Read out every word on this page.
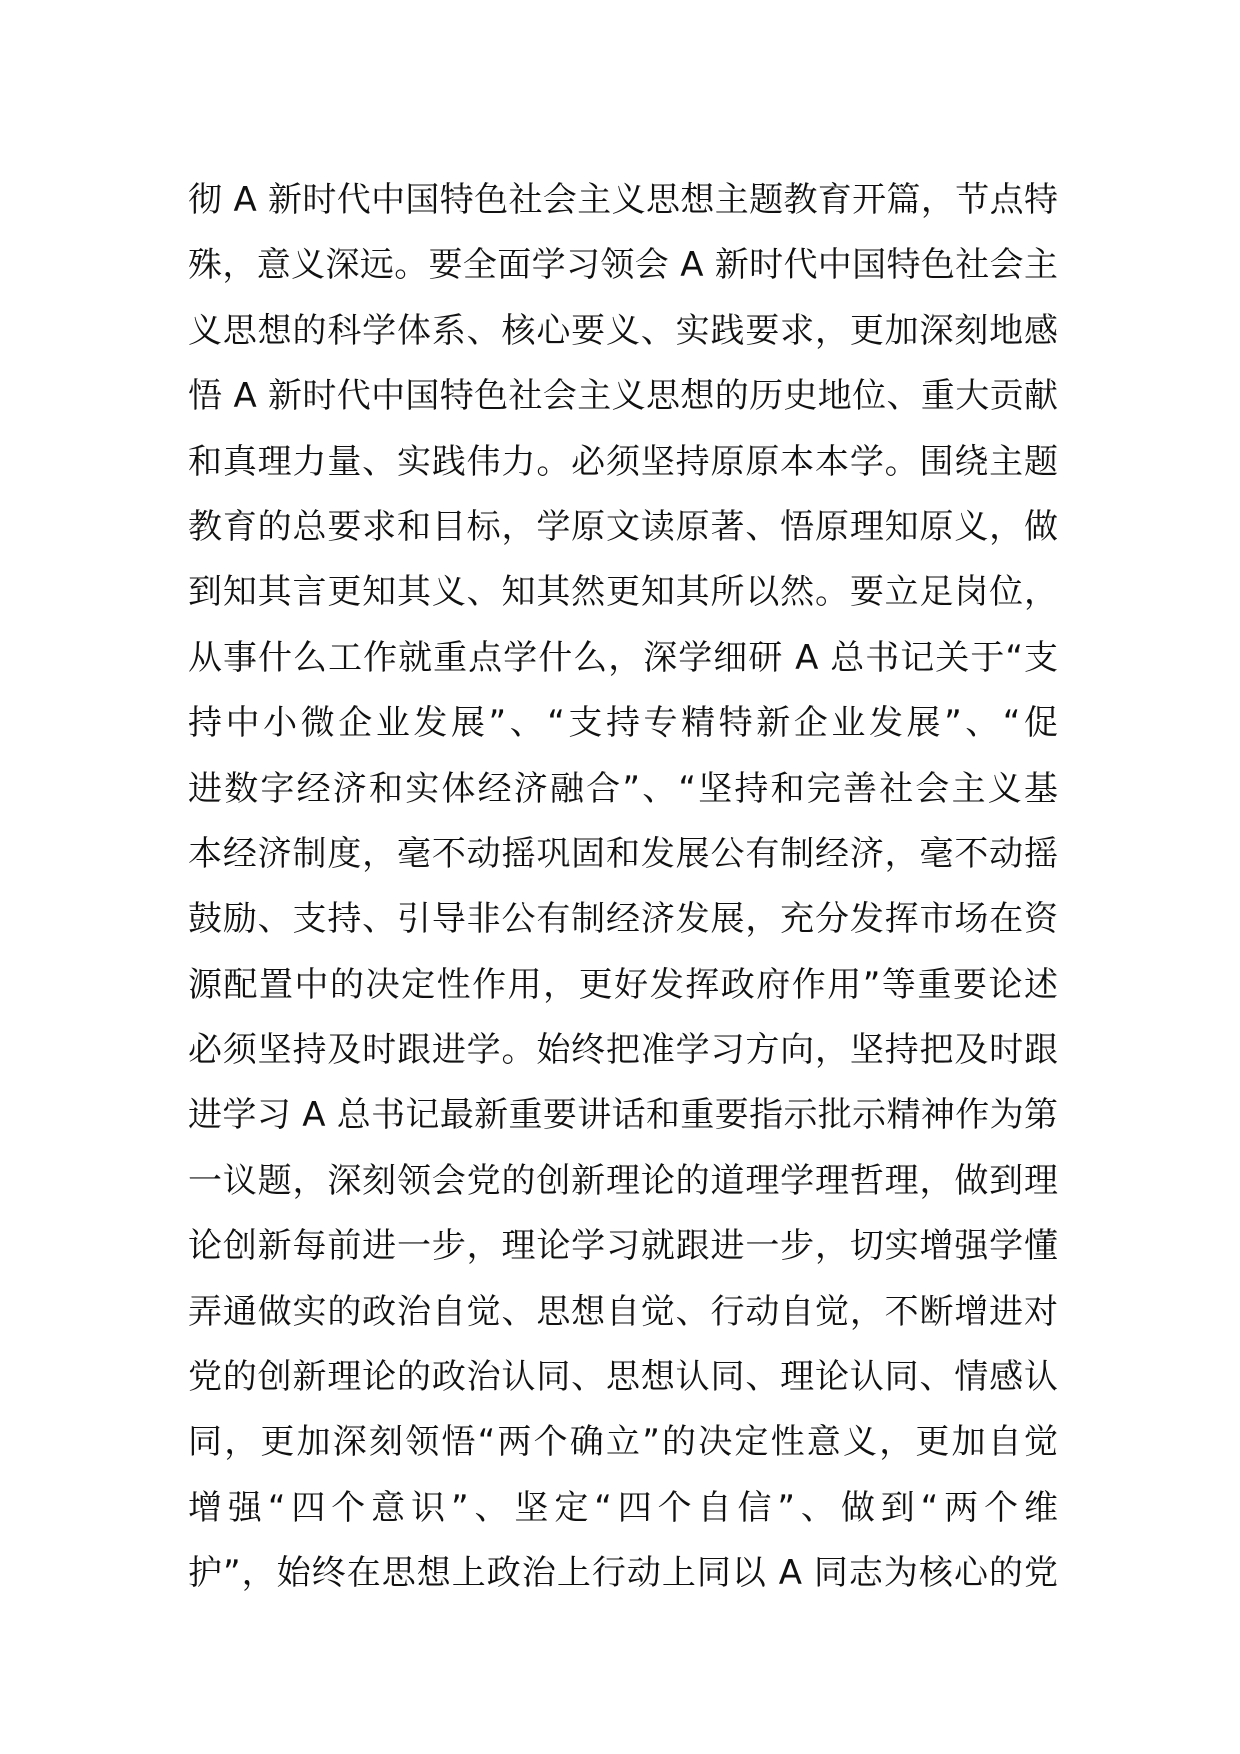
彻 A 新时代中国特色社会主义思想主题教育开篇，节点特
殊，意义深远。要全面学习领会 A 新时代中国特色社会主
义思想的科学体系、核心要义、实践要求，更加深刻地感
悟 A 新时代中国特色社会主义思想的历史地位、重大贡献
和真理力量、实践伟力。必须坚持原原本本学。围绕主题
教育的总要求和目标，学原文读原著、悟原理知原义，做
到知其言更知其义、知其然更知其所以然。要立足岗位，
从事什么工作就重点学什么，深学细研 A 总书记关于“支
持中小微企业发展”、“支持专精特新企业发展”、“促
进数字经济和实体经济融合”、“坚持和完善社会主义基
本经济制度，毫不动摇巩固和发展公有制经济，毫不动摇
鼓励、支持、引导非公有制经济发展，充分发挥市场在资
源配置中的决定性作用，更好发挥政府作用”等重要论述
必须坚持及时跟进学。始终把准学习方向，坚持把及时跟
进学习 A 总书记最新重要讲话和重要指示批示精神作为第
一议题，深刻领会党的创新理论的道理学理哲理，做到理
论创新每前进一步，理论学习就跟进一步，切实增强学懂
弄通做实的政治自觉、思想自觉、行动自觉，不断增进对
党的创新理论的政治认同、思想认同、理论认同、情感认
同，更加深刻领悟“两个确立”的决定性意义，更加自觉
增强“四个意识”、坚定“四个自信”、做到“两个维
护”，始终在思想上政治上行动上同以 A 同志为核心的党
